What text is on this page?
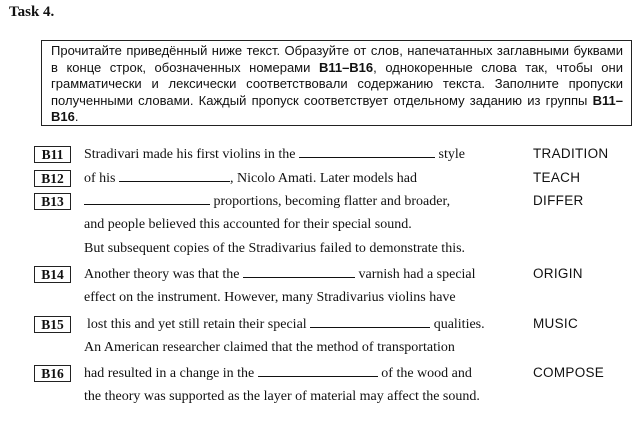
Task 4.
Прочитайте приведённый ниже текст. Образуйте от слов, напечатанных заглавными буквами в конце строк, обозначенных номерами B11–B16, однокоренные слова так, чтобы они грамматически и лексически соответствовали содержанию текста. Заполните пропуски полученными словами. Каждый пропуск соответствует отдельному заданию из группы B11–B16.
B11	Stradivari made his first violins in the	style	TRADITION
B12	of his	, Nicolo Amati. Later models had	TEACH
B13	proportions, becoming flatter and broader,	DIFFER
and people believed this accounted for their special sound.
But subsequent copies of the Stradivarius failed to demonstrate this.
B14	Another theory was that the	varnish had a special	ORIGIN
effect on the instrument. However, many Stradivarius violins have
B15	lost this and yet still retain their special	qualities.	MUSIC
An American researcher claimed that the method of transportation
B16	had resulted in a change in the	of the wood and	COMPOSE
the theory was supported as the layer of material may affect the sound.
